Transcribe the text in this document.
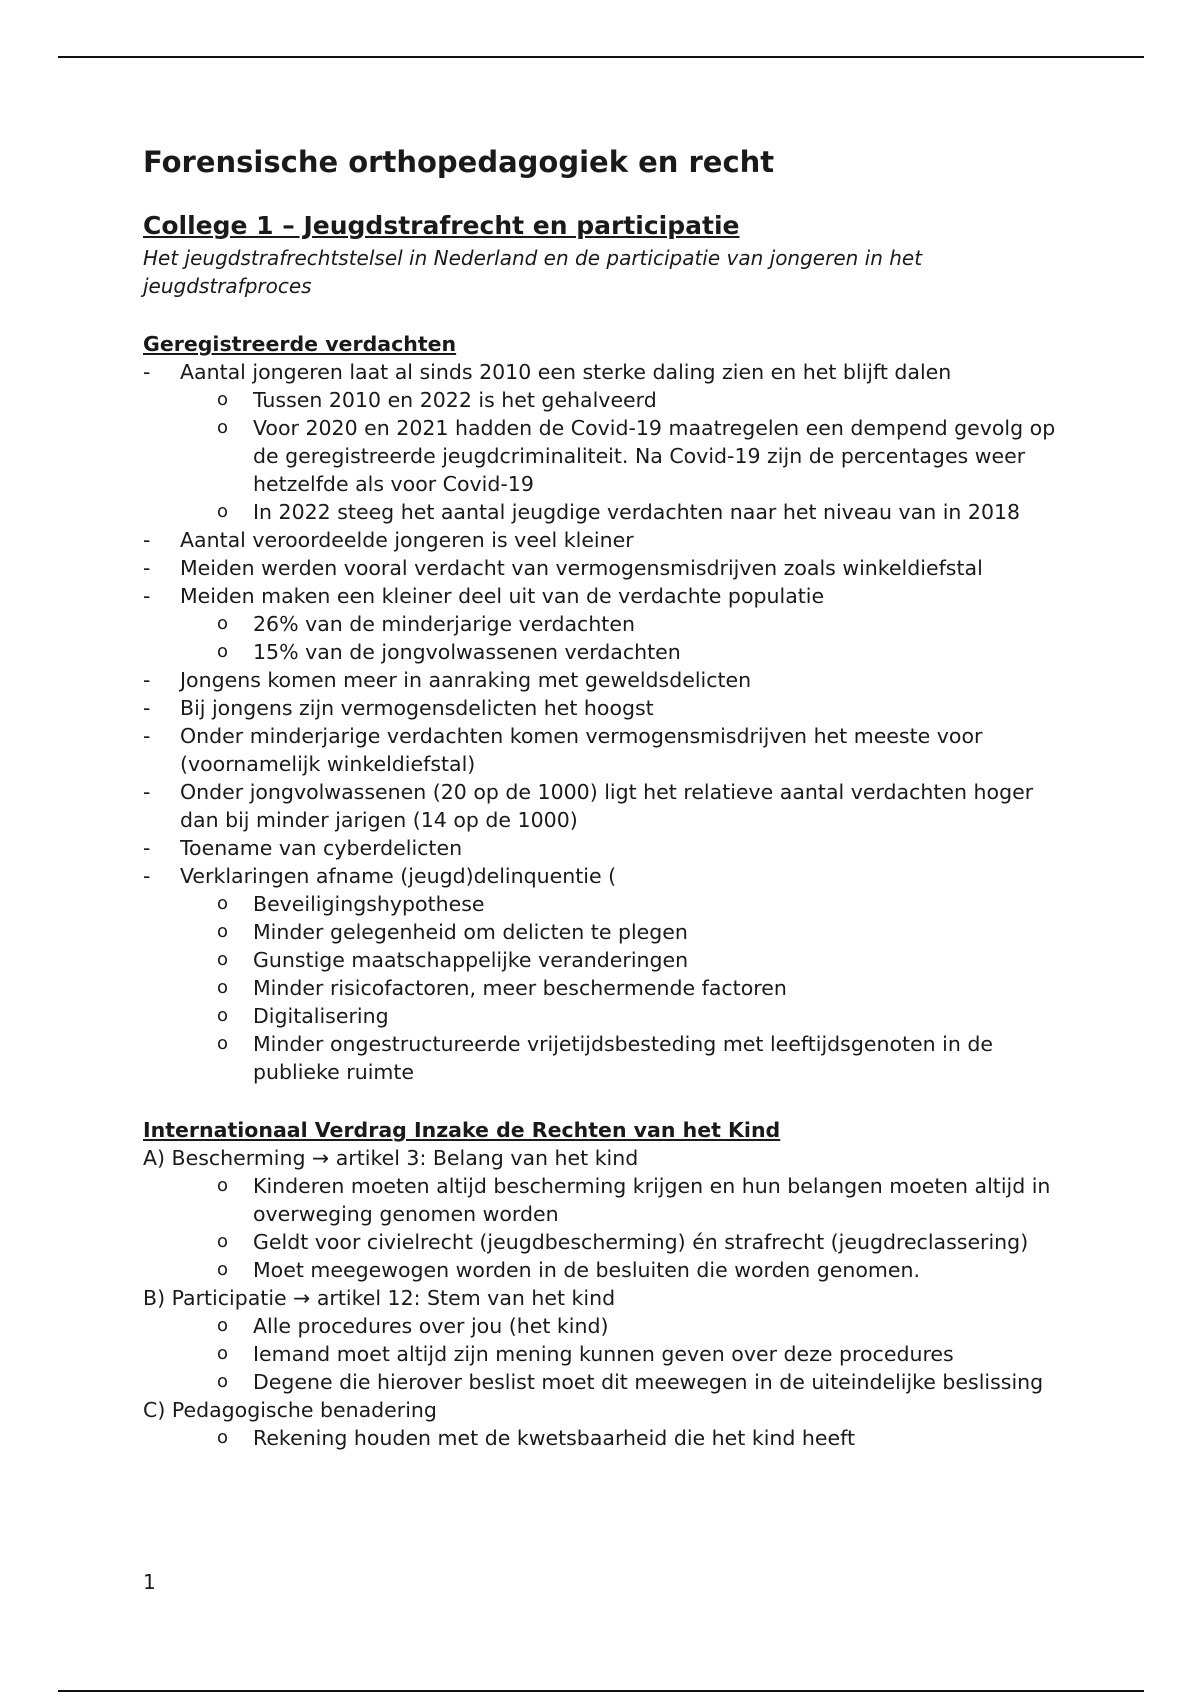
Forensische orthopedagogiek en recht
College 1 – Jeugdstrafrecht en participatie

Het jeugdstrafrechtstelsel in Nederland en de participatie van jongeren in het jeugdstrafproces

Geregistreerde verdachten
-	Aantal jongeren laat al sinds 2010 een sterke daling zien en het blijft dalen
o Tussen 2010 en 2022 is het gehalveerd
o Voor 2020 en 2021 hadden de Covid-19 maatregelen een dempend gevolg op de geregistreerde jeugdcriminaliteit. Na Covid-19 zijn de percentages weer hetzelfde als voor Covid-19
o In 2022 steeg het aantal jeugdige verdachten naar het niveau van in 2018
-	Aantal veroordeelde jongeren is veel kleiner
-	Meiden werden vooral verdacht van vermogensmisdrijven zoals winkeldiefstal
-	Meiden maken een kleiner deel uit van de verdachte populatie
o 26% van de minderjarige verdachten
o 15% van de jongvolwassenen verdachten
-	Jongens komen meer in aanraking met geweldsdelicten
-	Bij jongens zijn vermogensdelicten het hoogst
-	Onder minderjarige verdachten komen vermogensmisdrijven het meeste voor (voornamelijk winkeldiefstal)
-	Onder jongvolwassenen (20 op de 1000) ligt het relatieve aantal verdachten hoger dan bij minder jarigen (14 op de 1000)
-	Toename van cyberdelicten
-	Verklaringen afname (jeugd)delinquentie (
o Beveiligingshypothese
o Minder gelegenheid om delicten te plegen
o Gunstige maatschappelijke veranderingen
o Minder risicofactoren, meer beschermende factoren
o Digitalisering
o Minder ongestructureerde vrijetijdsbesteding met leeftijdsgenoten in de publieke ruimte
Internationaal Verdrag Inzake de Rechten van het Kind
A) Bescherming → artikel 3: Belang van het kind
o Kinderen moeten altijd bescherming krijgen en hun belangen moeten altijd in overweging genomen worden
o Geldt voor civielrecht (jeugdbescherming) én strafrecht (jeugdreclassering)
o Moet meegewogen worden in de besluiten die worden genomen.
B) Participatie → artikel 12: Stem van het kind
o Alle procedures over jou (het kind)
o Iemand moet altijd zijn mening kunnen geven over deze procedures
o Degene die hierover beslist moet dit meewegen in de uiteindelijke beslissing
C) Pedagogische benadering
o Rekening houden met de kwetsbaarheid die het kind heeft
1
